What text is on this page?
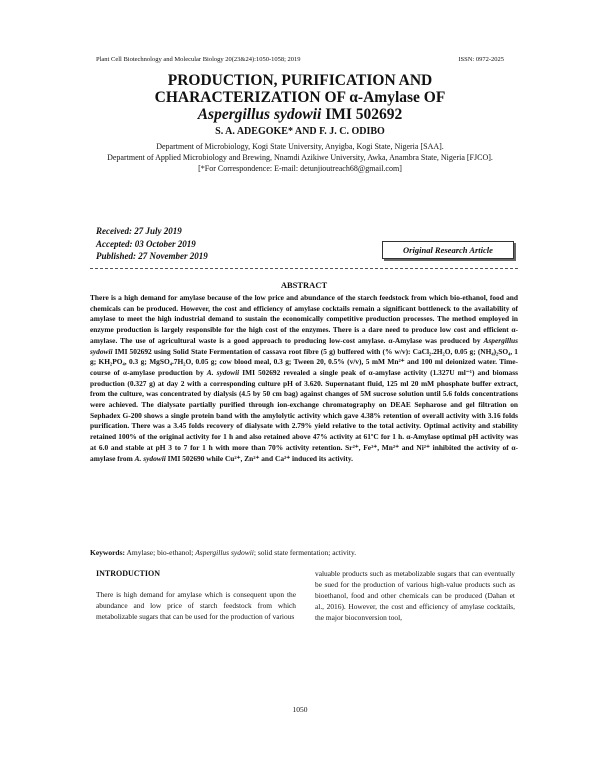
Plant Cell Biotechnology and Molecular Biology 20(23&24):1050-1058; 2019	ISSN: 0972-2025
PRODUCTION, PURIFICATION AND
CHARACTERIZATION OF α-Amylase OF
Aspergillus sydowii IMI 502692
S. A. ADEGOKE* AND F. J. C. ODIBO
Department of Microbiology, Kogi State University, Anyigba, Kogi State, Nigeria [SAA].
Department of Applied Microbiology and Brewing, Nnamdi Azikiwe University, Awka, Anambra State, Nigeria [FJCO].
[*For Correspondence: E-mail: detunjioutreach68@gmail.com]
Received: 27 July 2019
Accepted: 03 October 2019
Published: 27 November 2019
Original Research Article
ABSTRACT
There is a high demand for amylase because of the low price and abundance of the starch feedstock from which bio-ethanol, food and chemicals can be produced. However, the cost and efficiency of amylase cocktails remain a significant bottleneck to the availability of amylase to meet the high industrial demand to sustain the economically competitive production processes. The method employed in enzyme production is largely responsible for the high cost of the enzymes. There is a dare need to produce low cost and efficient α-amylase. The use of agricultural waste is a good approach to producing low-cost amylase. α-Amylase was produced by Aspergillus sydowii IMI 502692 using Solid State Fermentation of cassava root fibre (5 g) buffered with (% w/v): CaCl₂.2H₂O, 0.05 g; (NH₄)₂SO₄, 1 g; KH₂PO₄, 0.3 g; MgSO₄.7H₂O, 0.05 g; cow blood meal, 0.3 g; Tween 20, 0.5% (v/v), 5 mM Mn²⁺ and 100 ml deionized water. Time-course of α-amylase production by A. sydowii IMI 502692 revealed a single peak of α-amylase activity (1.327U ml⁻¹) and biomass production (0.327 g) at day 2 with a corresponding culture pH of 3.620. Supernatant fluid, 125 ml 20 mM phosphate buffer extract, from the culture, was concentrated by dialysis (4.5 by 50 cm bag) against changes of 5M sucrose solution until 5.6 folds concentrations were achieved. The dialysate partially purified through ion-exchange chromatography on DEAE Sepharose and gel filtration on Sephadex G-200 shows a single protein band with the amylolytic activity which gave 4.38% retention of overall activity with 3.16 folds purification. There was a 3.45 folds recovery of dialysate with 2.79% yield relative to the total activity. Optimal activity and stability retained 100% of the original activity for 1 h and also retained above 47% activity at 61ºC for 1 h. α-Amylase optimal pH activity was at 6.0 and stable at pH 3 to 7 for 1 h with more than 70% activity retention. Sr²⁺, Fe²⁺, Mn²⁺ and Ni²⁺ inhibited the activity of α-amylase from A. sydowii IMI 502690 while Cu²⁺, Zn²⁺ and Ca²⁺ induced its activity.
Keywords: Amylase; bio-ethanol; Aspergillus sydowii; solid state fermentation; activity.
INTRODUCTION

There is high demand for amylase which is consequent upon the abundance and low price of starch feedstock from which metabolizable sugars that can be used for the production of various

valuable products such as metabolizable sugars that can eventually be sued for the production of various high-value products such as bioethanol, food and other chemicals can be produced (Dahan et al., 2016). However, the cost and efficiency of amylase cocktails, the major bioconversion tool,

1050
